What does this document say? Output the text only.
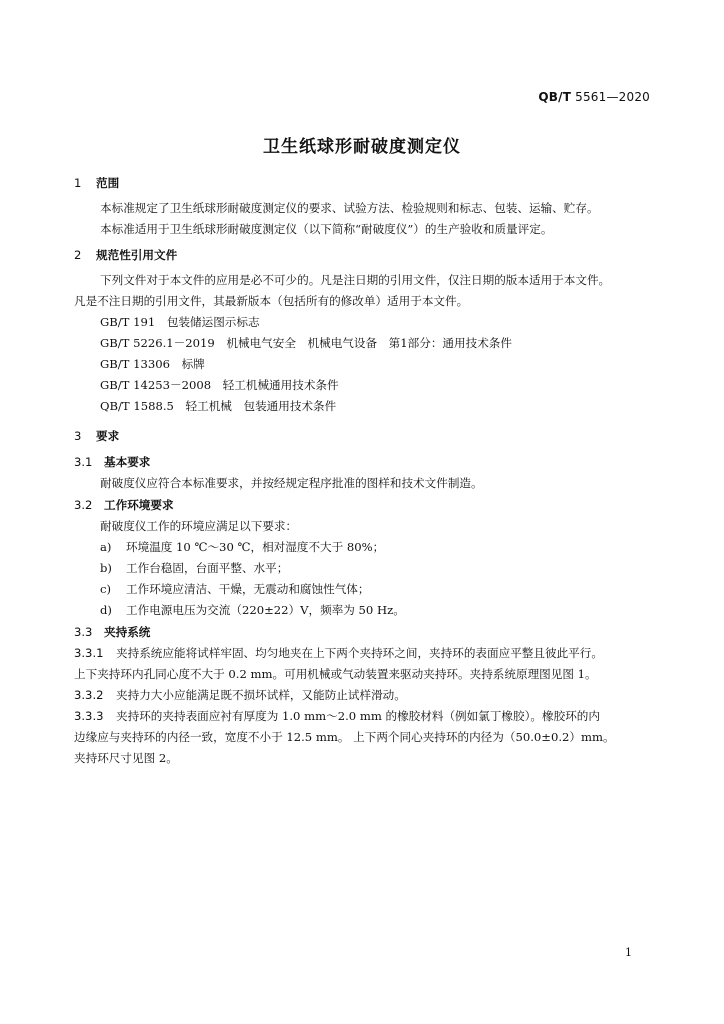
QB/T 5561—2020
卫生纸球形耐破度测定仪
1 范围
本标准规定了卫生纸球形耐破度测定仪的要求、试验方法、检验规则和标志、包装、运输、贮存。
本标准适用于卫生纸球形耐破度测定仪（以下简称“耐破度仪”）的生产验收和质量评定。
2 规范性引用文件
下列文件对于本文件的应用是必不可少的。凡是注日期的引用文件，仅注日期的版本适用于本文件。
凡是不注日期的引用文件，其最新版本（包括所有的修改单）适用于本文件。
GB/T 191　包装储运图示标志
GB/T 5226.1－2019　机械电气安全　机械电气设备　第1部分：通用技术条件
GB/T 13306　标牌
GB/T 14253－2008　轻工机械通用技术条件
QB/T 1588.5　轻工机械　包装通用技术条件
3 要求
3.1 基本要求
耐破度仪应符合本标准要求，并按经规定程序批准的图样和技术文件制造。
3.2 工作环境要求
耐破度仪工作的环境应满足以下要求：
a) 环境温度 10 ℃～30 ℃，相对湿度不大于 80%；
b) 工作台稳固，台面平整、水平；
c) 工作环境应清洁、干燥，无震动和腐蚀性气体；
d) 工作电源电压为交流（220±22）V，频率为 50 Hz。
3.3 夹持系统
3.3.1 夹持系统应能将试样牢固、均匀地夹在上下两个夹持环之间，夹持环的表面应平整且彼此平行。
上下夹持环内孔同心度不大于 0.2 mm。可用机械或气动装置来驱动夹持环。夹持系统原理图见图 1。
3.3.2 夹持力大小应能满足既不损坏试样，又能防止试样滑动。
3.3.3 夹持环的夹持表面应衬有厚度为 1.0 mm～2.0 mm 的橡胶材料（例如氯丁橡胶）。橡胶环的内
边缘应与夹持环的内径一致，宽度不小于 12.5 mm。 上下两个同心夹持环的内径为（50.0±0.2）mm。
夹持环尺寸见图 2。
1
